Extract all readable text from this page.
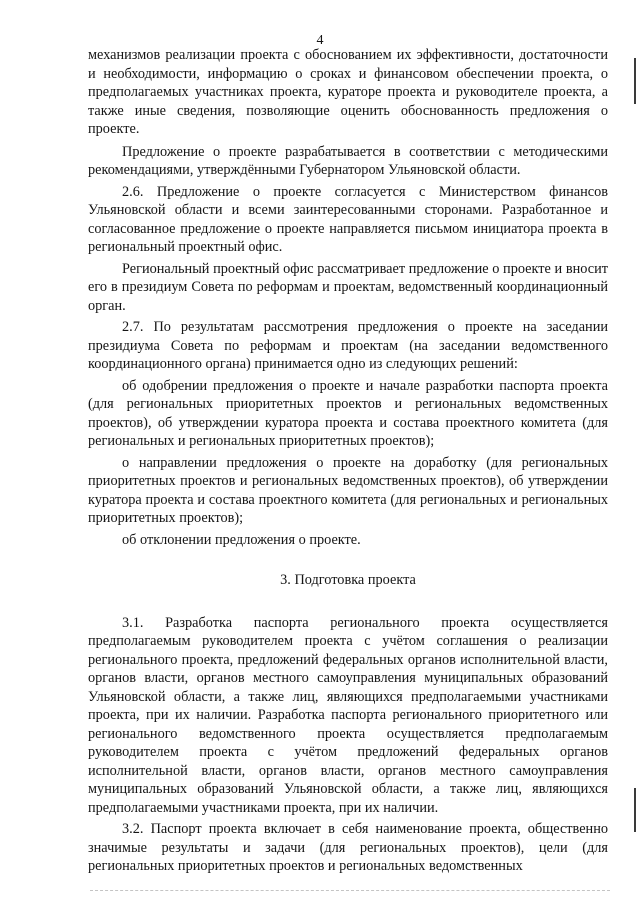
4

механизмов реализации проекта с обоснованием их эффективности, достаточности и необходимости, информацию о сроках и финансовом обеспечении проекта, о предполагаемых участниках проекта, кураторе проекта и руководителе проекта, а также иные сведения, позволяющие оценить обоснованность предложения о проекте.

Предложение о проекте разрабатывается в соответствии с методическими рекомендациями, утверждёнными Губернатором Ульяновской области.

2.6. Предложение о проекте согласуется с Министерством финансов Ульяновской области и всеми заинтересованными сторонами. Разработанное и согласованное предложение о проекте направляется письмом инициатора проекта в региональный проектный офис.

Региональный проектный офис рассматривает предложение о проекте и вносит его в президиум Совета по реформам и проектам, ведомственный координационный орган.

2.7. По результатам рассмотрения предложения о проекте на заседании президиума Совета по реформам и проектам (на заседании ведомственного координационного органа) принимается одно из следующих решений:

об одобрении предложения о проекте и начале разработки паспорта проекта (для региональных приоритетных проектов и региональных ведомственных проектов), об утверждении куратора проекта и состава проектного комитета (для региональных и региональных приоритетных проектов);

о направлении предложения о проекте на доработку (для региональных приоритетных проектов и региональных ведомственных проектов), об утверждении куратора проекта и состава проектного комитета (для региональных и региональных приоритетных проектов);

об отклонении предложения о проекте.

3. Подготовка проекта

3.1. Разработка паспорта регионального проекта осуществляется предполагаемым руководителем проекта с учётом соглашения о реализации регионального проекта, предложений федеральных органов исполнительной власти, органов власти, органов местного самоуправления муниципальных образований Ульяновской области, а также лиц, являющихся предполагаемыми участниками проекта, при их наличии. Разработка паспорта регионального приоритетного или регионального ведомственного проекта осуществляется предполагаемым руководителем проекта с учётом предложений федеральных органов исполнительной власти, органов власти, органов местного самоуправления муниципальных образований Ульяновской области, а также лиц, являющихся предполагаемыми участниками проекта, при их наличии.

3.2. Паспорт проекта включает в себя наименование проекта, общественно значимые результаты и задачи (для региональных проектов), цели (для региональных приоритетных проектов и региональных ведомственных
